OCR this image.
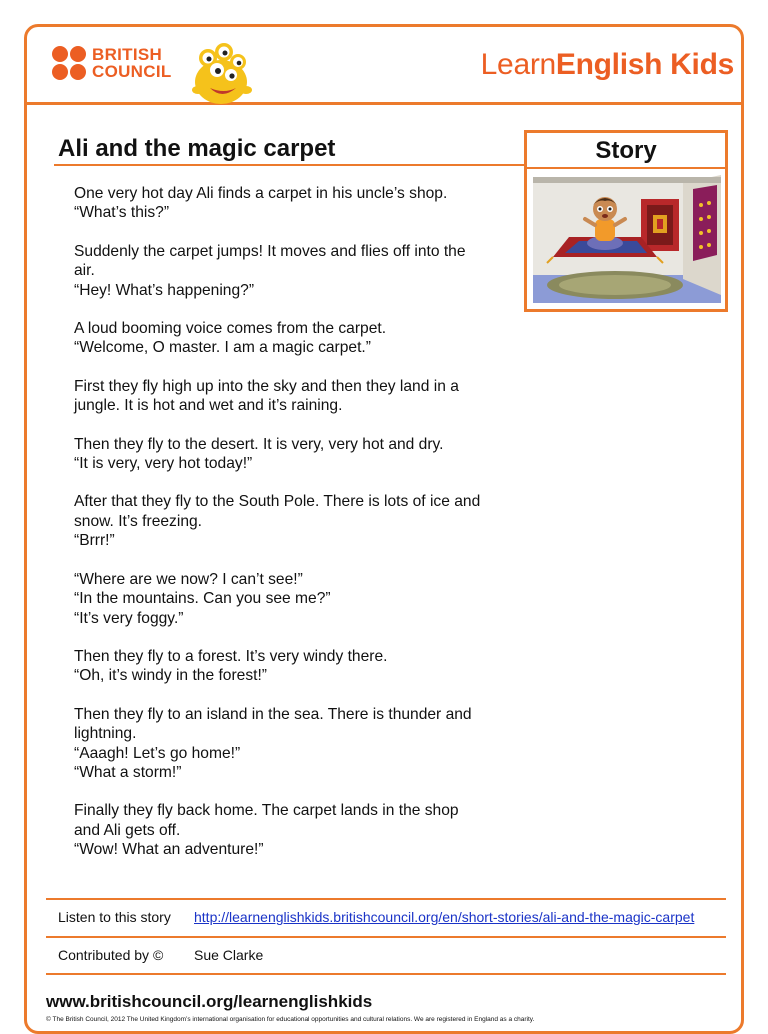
BRITISH
COUNCIL	LearnEnglish Kids
Ali and the magic carpet	Story
One very hot day Ali finds a carpet in his uncle’s shop.
“What’s this?”
Suddenly the carpet jumps! It moves and flies off into the
air.
“Hey! What’s happening?”
A loud booming voice comes from the carpet.
“Welcome, O master. I am a magic carpet.”
First they fly high up into the sky and then they land in a
jungle. It is hot and wet and it’s raining.
Then they fly to the desert. It is very, very hot and dry.
“It is very, very hot today!”
After that they fly to the South Pole. There is lots of ice and
snow. It’s freezing.
“Brrr!”
“Where are we now? I can’t see!”
“In the mountains. Can you see me?”
“It’s very foggy.”
Then they fly to a forest. It’s very windy there.
“Oh, it’s windy in the forest!”
Then they fly to an island in the sea. There is thunder and
lightning.
“Aaagh! Let’s go home!”
“What a storm!”
Finally they fly back home. The carpet lands in the shop
and Ali gets off.
“Wow! What an adventure!”
Listen to this story http://learnenglishkids.britishcouncil.org/en/short-stories/ali-and-the-magic-carpet
Contributed by © Sue Clarke
www.britishcouncil.org/learnenglishkids
© The British Council, 2012 The United Kingdom’s international organisation for educational opportunities and cultural relations. We are registered in England as a charity.
